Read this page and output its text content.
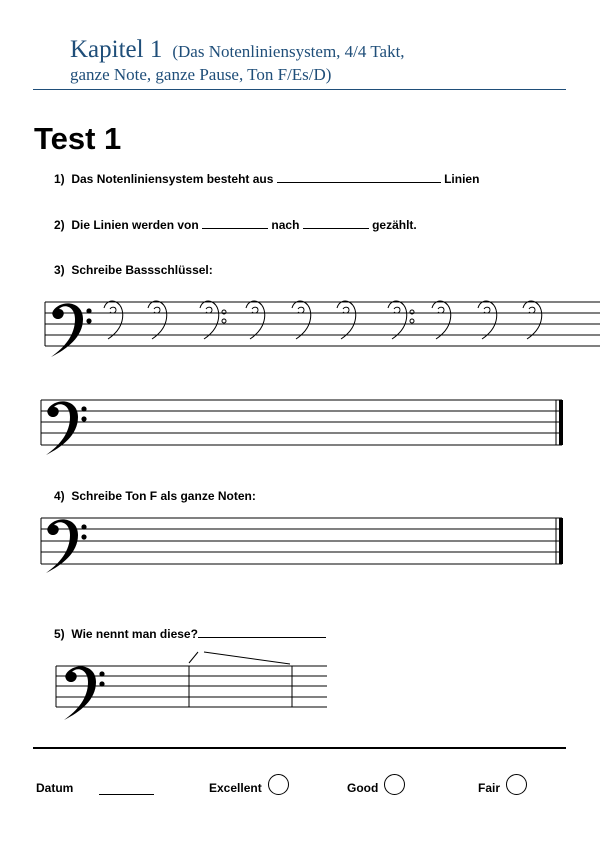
Kapitel 1 (Das Notenliniensystem, 4/4 Takt,
ganze Note, ganze Pause, Ton F/Es/D)
Test 1
1) Das Notenliniensystem besteht aus	Linien
2) Die Linien werden von	nach	gezählt.
3) Schreibe Bassschlüssel:
4) Schreibe Ton F als ganze Noten:
5) Wie nennt man diese?
Datum	Excellent	Good	Fair
